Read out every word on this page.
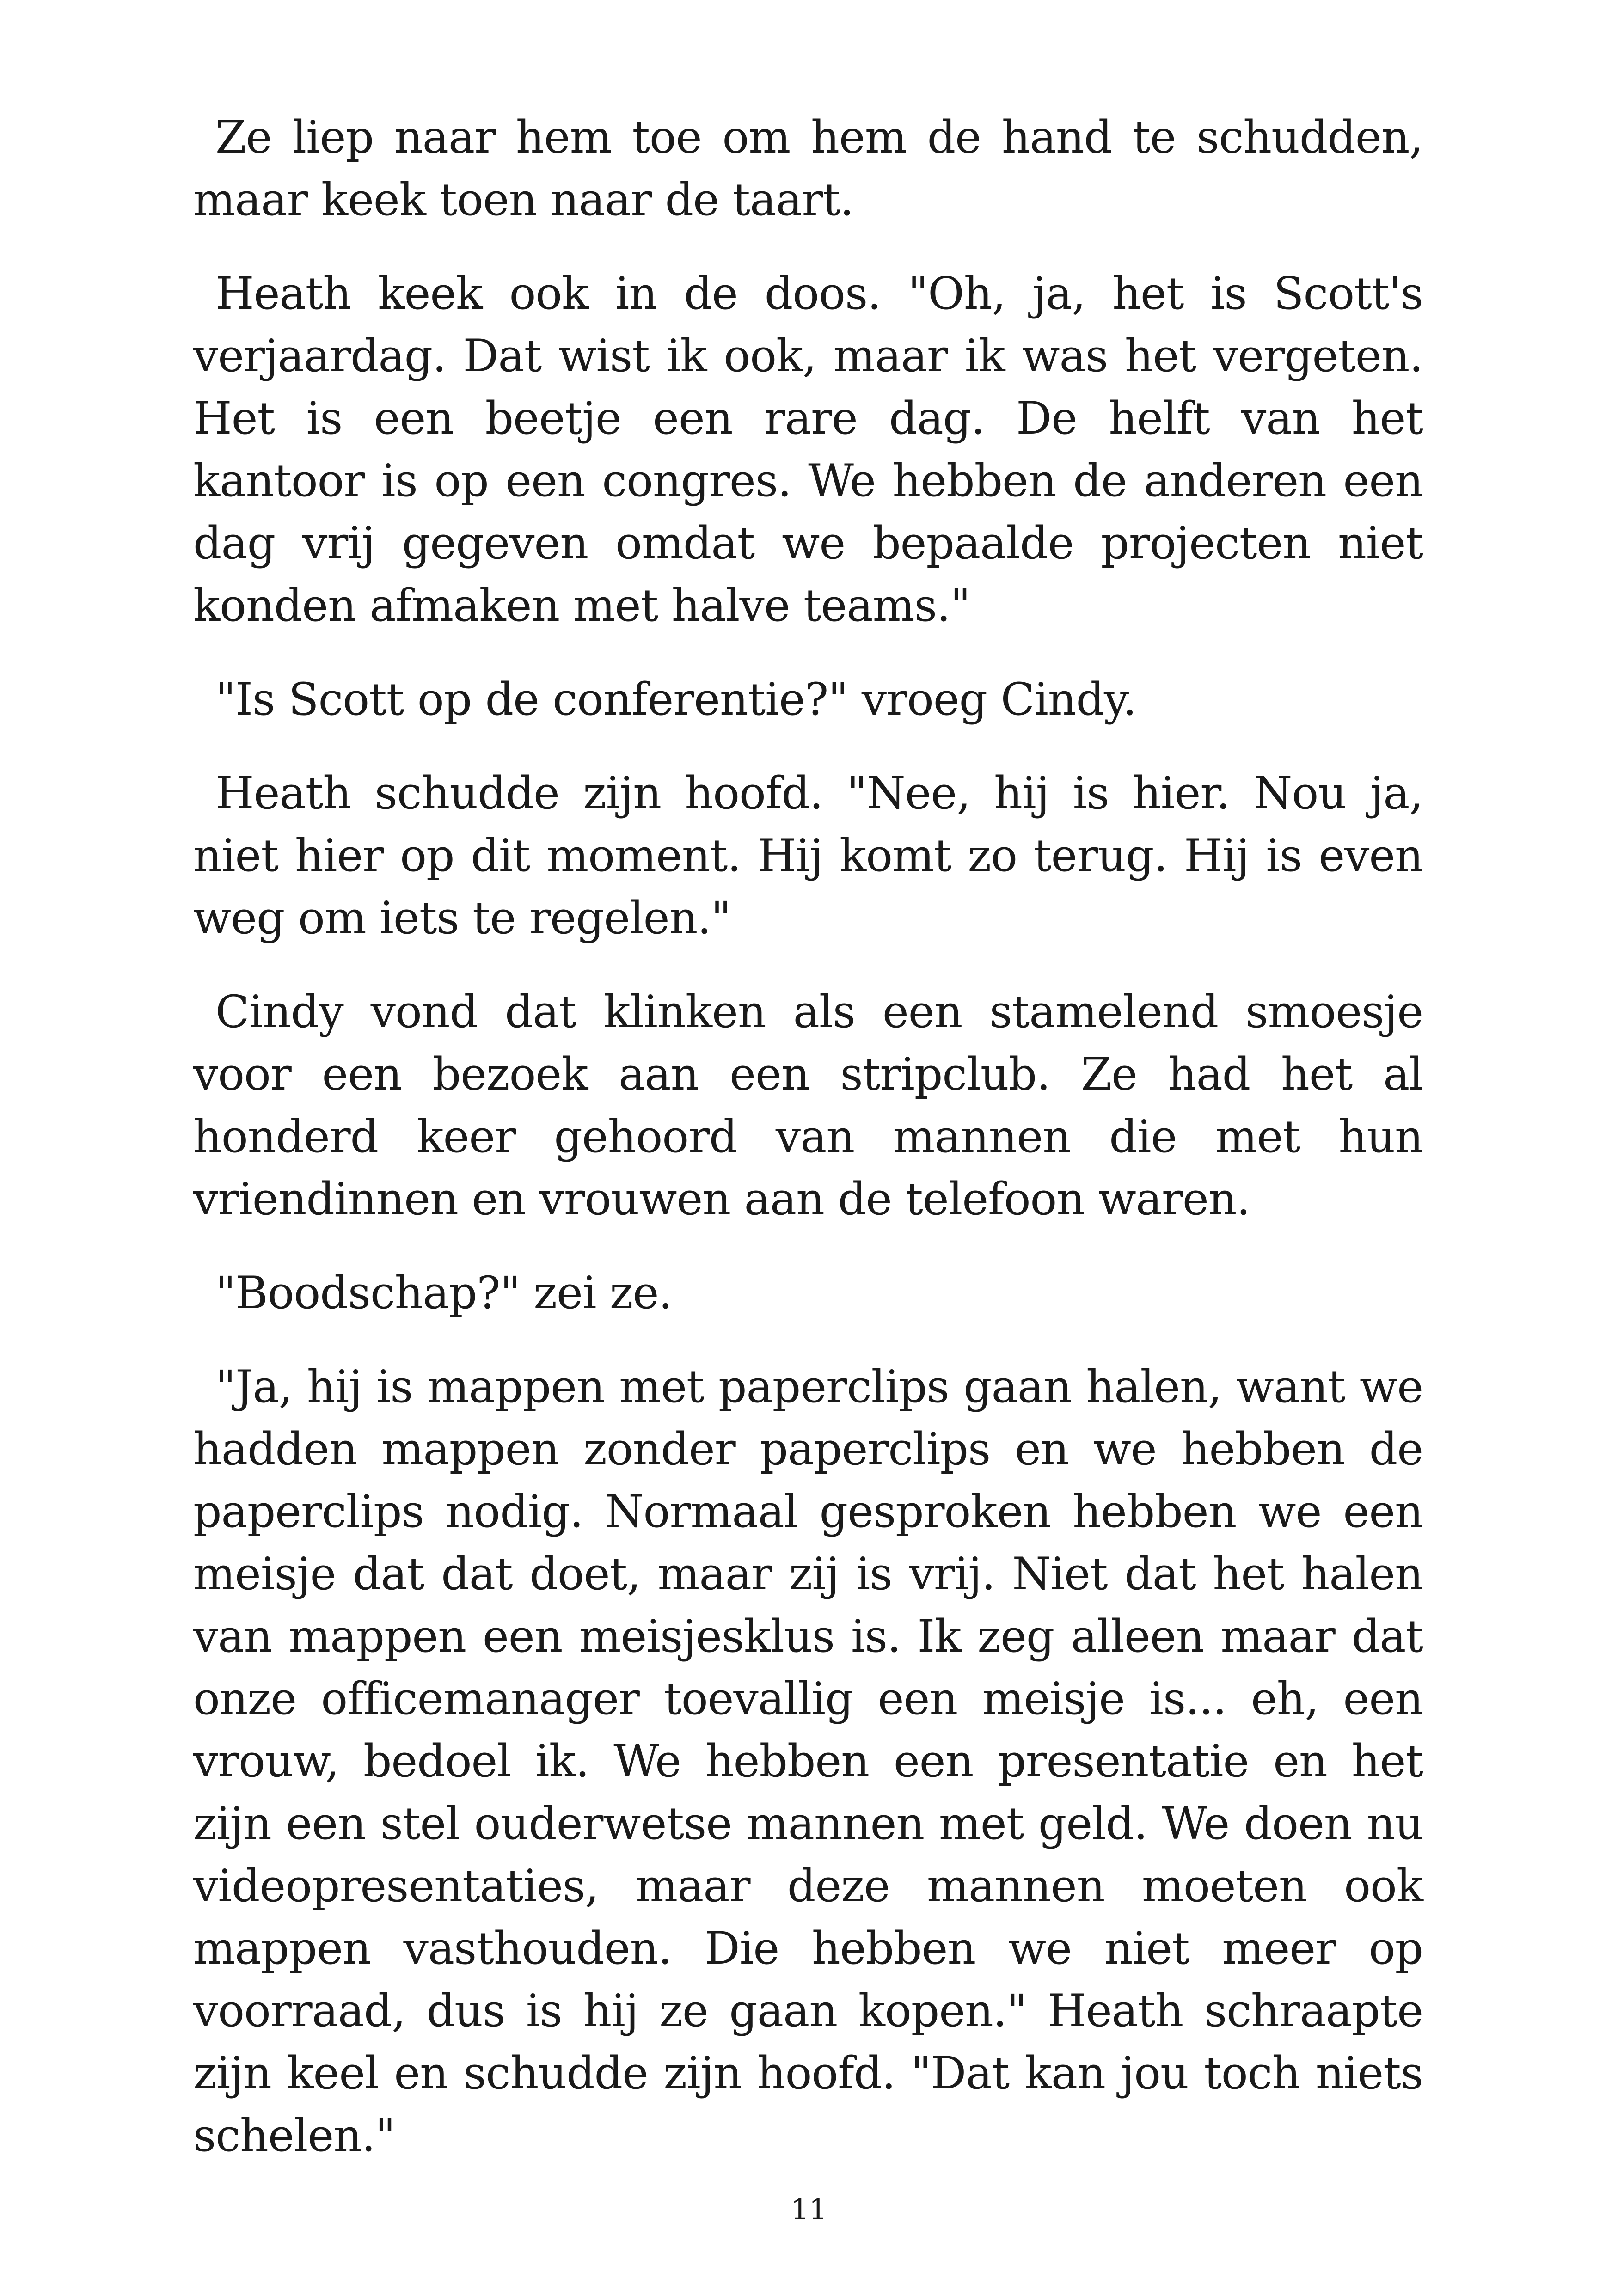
Ze liep naar hem toe om hem de hand te schudden, maar keek toen naar de taart.

Heath keek ook in de doos. "Oh, ja, het is Scott's verjaardag. Dat wist ik ook, maar ik was het vergeten. Het is een beetje een rare dag. De helft van het kantoor is op een congres. We hebben de anderen een dag vrij gegeven omdat we bepaalde projecten niet konden afmaken met halve teams."

"Is Scott op de conferentie?" vroeg Cindy.

Heath schudde zijn hoofd. "Nee, hij is hier. Nou ja, niet hier op dit moment. Hij komt zo terug. Hij is even weg om iets te regelen."

Cindy vond dat klinken als een stamelend smoesje voor een bezoek aan een stripclub. Ze had het al honderd keer gehoord van mannen die met hun vriendinnen en vrouwen aan de telefoon waren.

"Boodschap?" zei ze.

"Ja, hij is mappen met paperclips gaan halen, want we hadden mappen zonder paperclips en we hebben de paperclips nodig. Normaal gesproken hebben we een meisje dat dat doet, maar zij is vrij. Niet dat het halen van mappen een meisjesklus is. Ik zeg alleen maar dat onze officemanager toevallig een meisje is... eh, een vrouw, bedoel ik. We hebben een presentatie en het zijn een stel ouderwetse mannen met geld. We doen nu videopresentaties, maar deze mannen moeten ook mappen vasthouden. Die hebben we niet meer op voorraad, dus is hij ze gaan kopen." Heath schraapte zijn keel en schudde zijn hoofd. "Dat kan jou toch niets schelen."

11
